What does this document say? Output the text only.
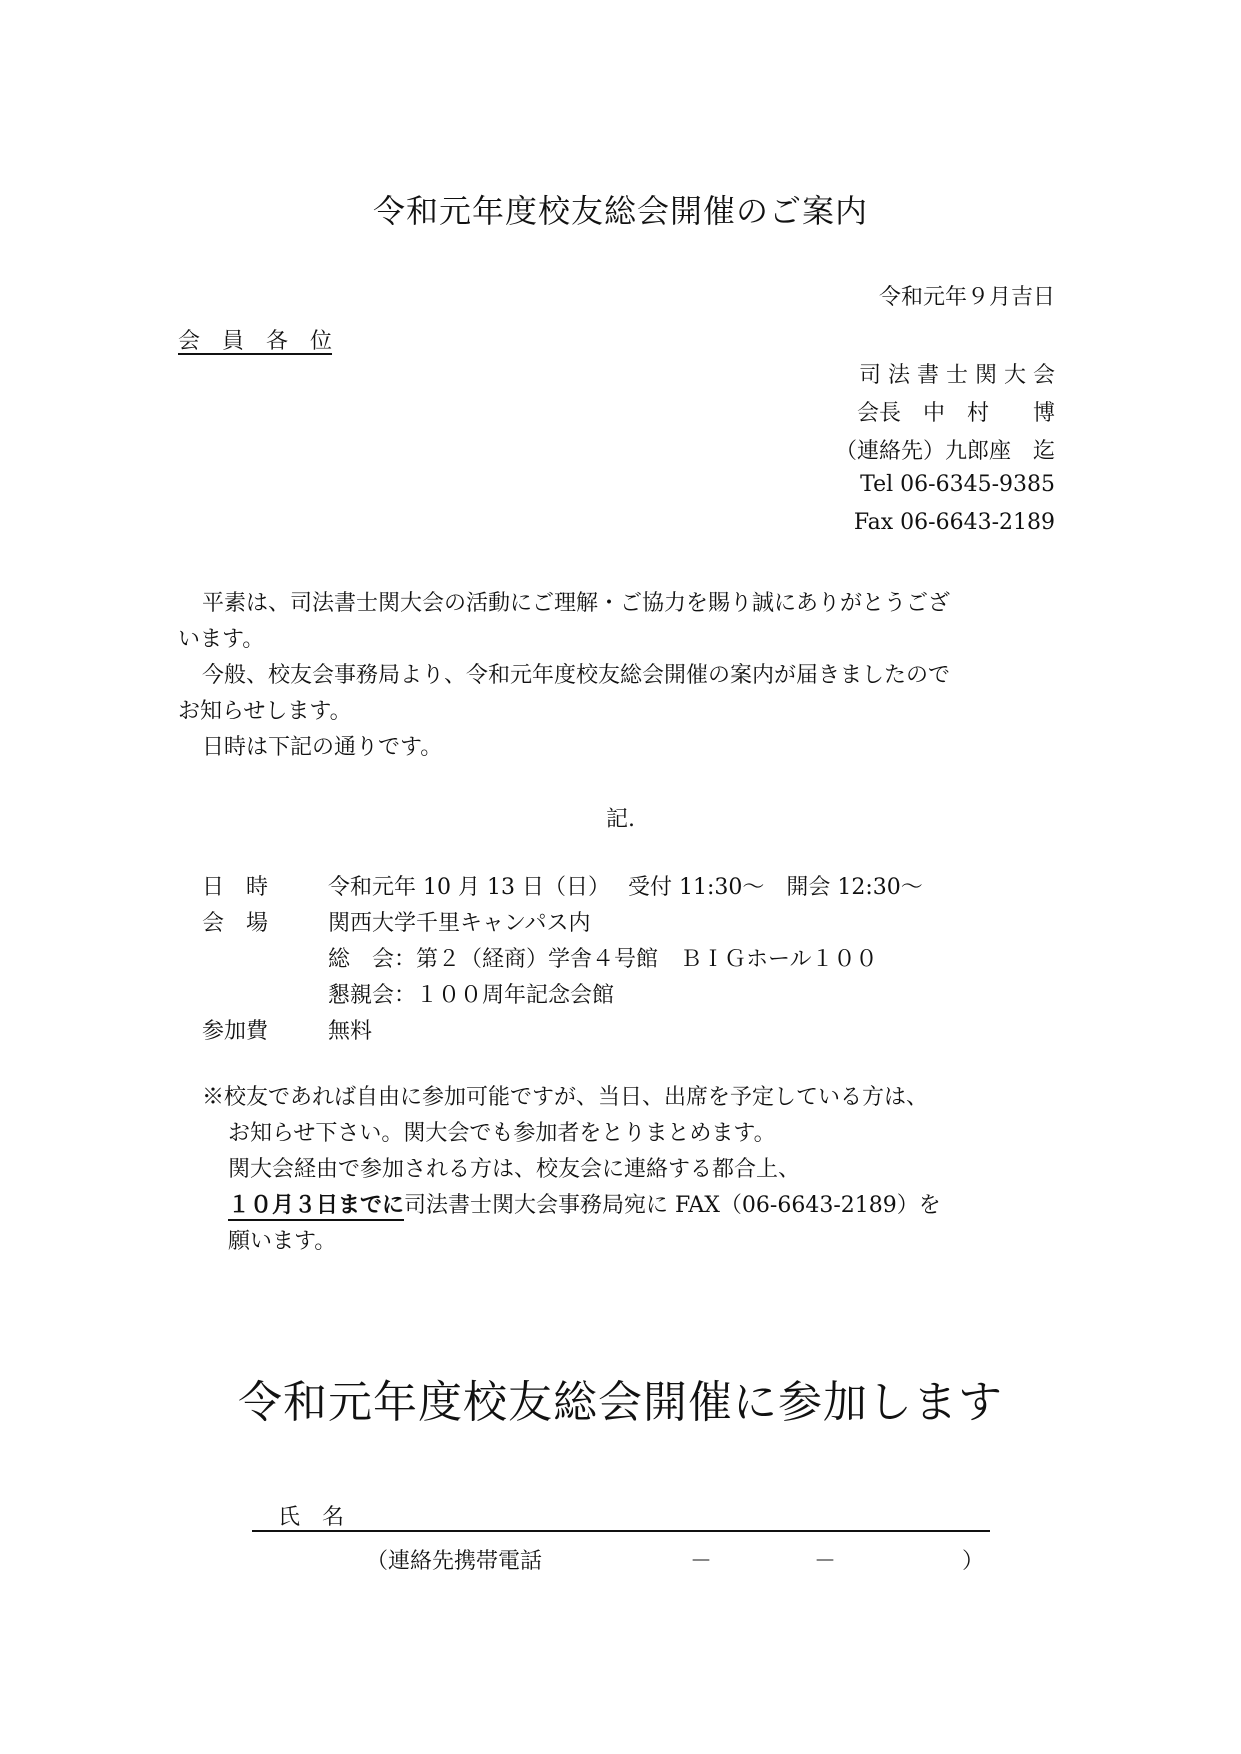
令和元年度校友総会開催のご案内
令和元年９月吉日
会　員　各　位
司 法 書 士 関 大 会
会長　中　村　　博
（連絡先）九郎座　迄
Tel 06-6345-9385
Fax 06-6643-2189
平素は、司法書士関大会の活動にご理解・ご協力を賜り誠にありがとうござ
います。
今般、校友会事務局より、令和元年度校友総会開催の案内が届きましたので
お知らせします。
日時は下記の通りです。
記.
日　時	令和元年 10 月 13 日（日）　 受付 11:30～　開会 12:30～
会　場	関西大学千里キャンパス内
総　会：第２（経商）学舎４号館　ＢＩＧホール１００
懇親会：１００周年記念会館
参加費	無料
※校友であれば自由に参加可能ですが、当日、出席を予定している方は、
お知らせ下さい。関大会でも参加者をとりまとめます。
関大会経由で参加される方は、校友会に連絡する都合上、
１０月３日までに司法書士関大会事務局宛に FAX（06-6643-2189）を
願います。
令和元年度校友総会開催に参加します
氏　名
（連絡先携帯電話	－	－	）
